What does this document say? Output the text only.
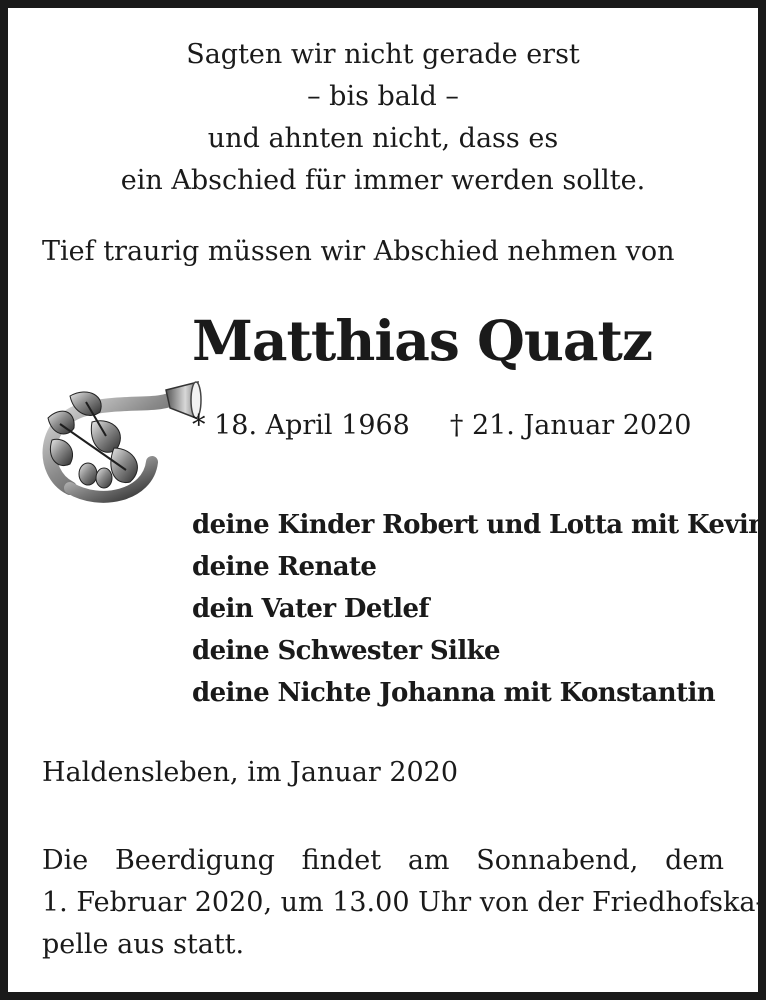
Sagten wir nicht gerade erst
– bis bald –
und ahnten nicht, dass es
ein Abschied für immer werden sollte.
Tief traurig müssen wir Abschied nehmen von
Matthias Quatz
* 18. April 1968 † 21. Januar 2020
deine Kinder Robert und Lotta mit Kevin
deine Renate
dein Vater Detlef
deine Schwester Silke
deine Nichte Johanna mit Konstantin
Haldensleben, im Januar 2020
Die Beerdigung findet am Sonnabend, dem
1. Februar 2020, um 13.00 Uhr von der Friedhofska-
pelle aus statt.
